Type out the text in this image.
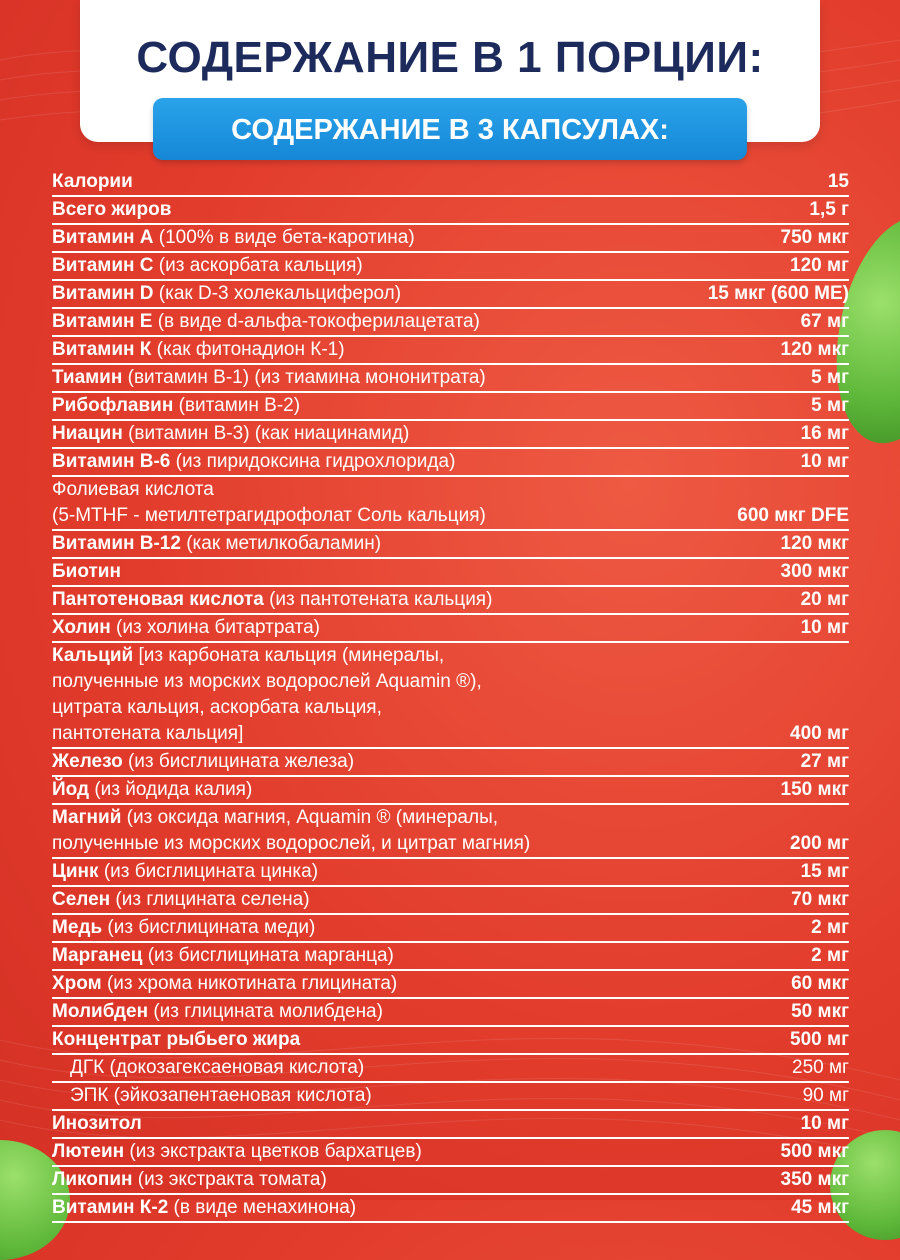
СОДЕРЖАНИЕ В 1 ПОРЦИИ:
СОДЕРЖАНИЕ В 3 КАПСУЛАХ:
Калории	15
Всего жиров	1,5 г
Витамин А (100% в виде бета-каротина)	750 мкг
Витамин С (из аскорбата кальция)	120 мг
Витамин D (как D-3 холекальциферол)	15 мкг (600 МЕ)
Витамин Е (в виде d-альфа-токоферилацетата)	67 мг
Витамин К (как фитонадион К-1)	120 мкг
Тиамин (витамин В-1) (из тиамина мононитрата)	5 мг
Рибофлавин (витамин В-2)	5 мг
Ниацин (витамин В-3) (как ниацинамид)	16 мг
Витамин В-6 (из пиридоксина гидрохлорида)	10 мг
Фолиевая кислота
(5-MTHF - метилтетрагидрофолат Соль кальция)	600 мкг DFE
Витамин В-12 (как метилкобаламин)	120 мкг
Биотин	300 мкг
Пантотеновая кислота (из пантотената кальция)	20 мг
Холин (из холина битартрата)	10 мг
Кальций [из карбоната кальция (минералы,
полученные из морских водорослей Aquamin ®),
цитрата кальция, аскорбата кальция,
пантотената кальция]	400 мг
Железо (из бисглицината железа)	27 мг
Йод (из йодида калия)	150 мкг
Магний (из оксида магния, Aquamin ® (минералы,
полученные из морских водорослей, и цитрат магния)	200 мг
Цинк (из бисглицината цинка)	15 мг
Селен (из глицината селена)	70 мкг
Медь (из бисглицината меди)	2 мг
Марганец (из бисглицината марганца)	2 мг
Хром (из хрома никотината глицината)	60 мкг
Молибден (из глицината молибдена)	50 мкг
Концентрат рыбьего жира	500 мг
ДГК (докозагексаеновая кислота)	250 мг
ЭПК (эйкозапентаеновая кислота)	90 мг
Инозитол	10 мг
Лютеин (из экстракта цветков бархатцев)	500 мкг
Ликопин (из экстракта томата)	350 мкг
Витамин К-2 (в виде менахинона)	45 мкг
